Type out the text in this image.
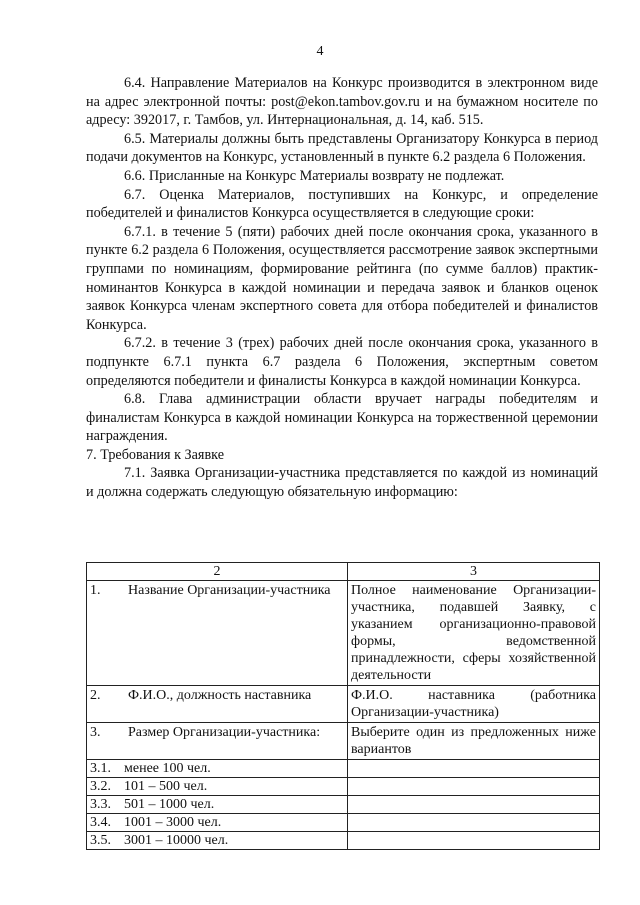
4

6.4. Направление Материалов на Конкурс производится в электронном виде на адрес электронной почты: post@ekon.tambov.gov.ru и на бумажном носителе по адресу: 392017, г. Тамбов, ул. Интернациональная, д. 14, каб. 515.

6.5. Материалы должны быть представлены Организатору Конкурса в период подачи документов на Конкурс, установленный в пункте 6.2 раздела 6 Положения.

6.6. Присланные на Конкурс Материалы возврату не подлежат.

6.7. Оценка Материалов, поступивших на Конкурс, и определение победителей и финалистов Конкурса осуществляется в следующие сроки:

6.7.1. в течение 5 (пяти) рабочих дней после окончания срока, указанного в пункте 6.2 раздела 6 Положения, осуществляется рассмотрение заявок экспертными группами по номинациям, формирование рейтинга (по сумме баллов) практик-номинантов Конкурса в каждой номинации и передача заявок и бланков оценок заявок Конкурса членам экспертного совета для отбора победителей и финалистов Конкурса.

6.7.2. в течение 3 (трех) рабочих дней после окончания срока, указанного в подпункте 6.7.1 пункта 6.7 раздела 6 Положения, экспертным советом определяются победители и финалисты Конкурса в каждой номинации Конкурса.

6.8. Глава администрации области вручает награды победителям и финалистам Конкурса в каждой номинации Конкурса на торжественной церемонии награждения.

7. Требования к Заявке

7.1. Заявка Организации-участника представляется по каждой из номинаций и должна содержать следующую обязательную информацию:

2	3
1. Название Организации-участника	Полное наименование Организации-участника, подавшей Заявку, с указанием организационно-правовой формы, ведомственной принадлежности, сферы хозяйственной деятельности
2. Ф.И.О., должность наставника	Ф.И.О. наставника (работника Организации-участника)
3. Размер Организации-участника:	Выберите один из предложенных ниже вариантов
3.1. менее 100 чел.	
3.2. 101 – 500 чел.	
3.3. 501 – 1000 чел.	
3.4. 1001 – 3000 чел.	
3.5. 3001 – 10000 чел.	
